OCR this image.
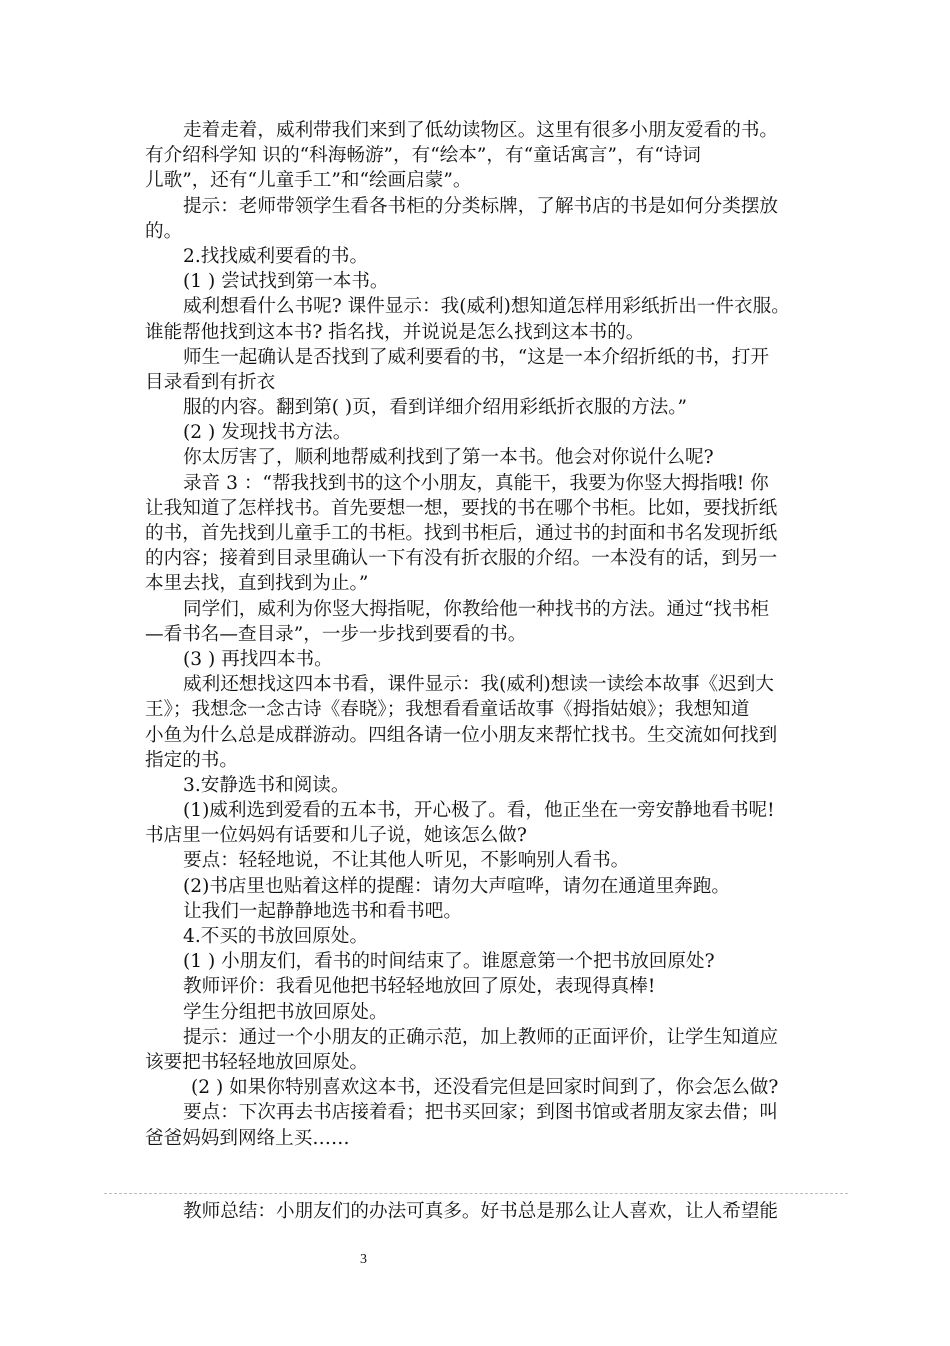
走着走着，威利带我们来到了低幼读物区。这里有很多小朋友爱看的书。
有介绍科学知 识的“科海畅游”，有“绘本”，有“童话寓言”，有“诗词
儿歌”，还有“儿童手工”和“绘画启蒙”。
提示：老师带领学生看各书柜的分类标牌，了解书店的书是如何分类摆放
的。
2.找找威利要看的书。
(1 ) 尝试找到第一本书。
威利想看什么书呢? 课件显示：我(威利)想知道怎样用彩纸折出一件衣服。
谁能帮他找到这本书? 指名找，并说说是怎么找到这本书的。
师生一起确认是否找到了威利要看的书，“这是一本介绍折纸的书，打开
目录看到有折衣
服的内容。翻到第( )页，看到详细介绍用彩纸折衣服的方法。”
(2 ) 发现找书方法。
你太厉害了，顺利地帮威利找到了第一本书。他会对你说什么呢?
录音 3 ：“帮我找到书的这个小朋友，真能干，我要为你竖大拇指哦! 你
让我知道了怎样找书。首先要想一想，要找的书在哪个书柜。比如，要找折纸
的书，首先找到儿童手工的书柜。找到书柜后，通过书的封面和书名发现折纸
的内容；接着到目录里确认一下有没有折衣服的介绍。一本没有的话，到另一
本里去找，直到找到为止。”
同学们，威利为你竖大拇指呢，你教给他一种找书的方法。通过“找书柜
—看书名—查目录”，一步一步找到要看的书。
(3 ) 再找四本书。
威利还想找这四本书看，课件显示：我(威利)想读一读绘本故事《迟到大
王》；我想念一念古诗《春晓》；我想看看童话故事《拇指姑娘》；我想知道
小鱼为什么总是成群游动。四组各请一位小朋友来帮忙找书。生交流如何找到
指定的书。
3.安静选书和阅读。
(1)威利选到爱看的五本书，开心极了。看，他正坐在一旁安静地看书呢!
书店里一位妈妈有话要和儿子说，她该怎么做?
要点：轻轻地说，不让其他人听见，不影响别人看书。
(2)书店里也贴着这样的提醒：请勿大声喧哗，请勿在通道里奔跑。
让我们一起静静地选书和看书吧。
4.不买的书放回原处。
(1 ) 小朋友们，看书的时间结束了。谁愿意第一个把书放回原处?
教师评价：我看见他把书轻轻地放回了原处，表现得真棒!
学生分组把书放回原处。
提示：通过一个小朋友的正确示范，加上教师的正面评价，让学生知道应
该要把书轻轻地放回原处。
(2 ) 如果你特别喜欢这本书，还没看完但是回家时间到了，你会怎么做?
要点：下次再去书店接着看；把书买回家；到图书馆或者朋友家去借；叫
爸爸妈妈到网络上买……
教师总结：小朋友们的办法可真多。好书总是那么让人喜欢，让人希望能
3
